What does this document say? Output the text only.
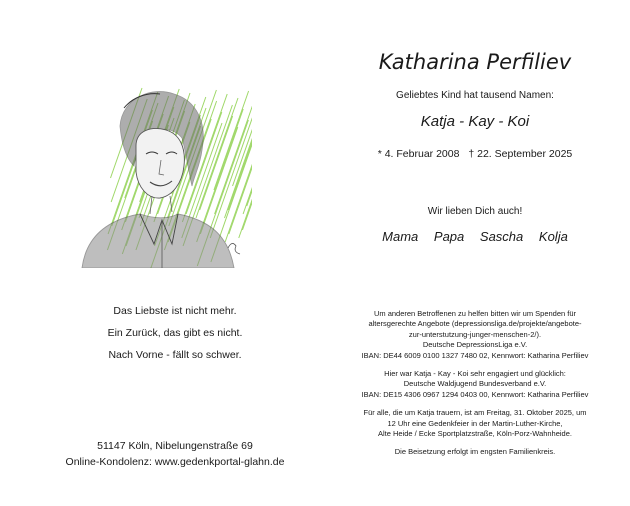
Das Liebste ist nicht mehr.
Ein Zurück, das gibt es nicht.
Nach Vorne - fällt so schwer.
51147 Köln, Nibelungenstraße 69
Online-Kondolenz: www.gedenkportal-glahn.de
Katharina Perfiliev
Geliebtes Kind hat tausend Namen:
Katja - Kay - Koi
* 4. Februar 2008 † 22. September 2025
Wir lieben Dich auch!
Mama Papa Sascha Kolja

Um anderen Betroffenen zu helfen bitten wir um Spenden für
altersgerechte Angebote (depressionsliga.de/projekte/angebote-
zur-unterstutzung-junger-menschen-2/).
Deutsche DepressionsLiga e.V.
IBAN: DE44 6009 0100 1327 7480 02, Kennwort: Katharina Perfiliev

Hier war Katja - Kay - Koi sehr engagiert und glücklich:
Deutsche Waldjugend Bundesverband e.V.
IBAN: DE15 4306 0967 1294 0403 00, Kennwort: Katharina Perfiliev

Für alle, die um Katja trauern, ist am Freitag, 31. Oktober 2025, um
12 Uhr eine Gedenkfeier in der Martin-Luther-Kirche,
Alte Heide / Ecke Sportplatzstraße, Köln-Porz-Wahnheide.

Die Beisetzung erfolgt im engsten Familienkreis.
